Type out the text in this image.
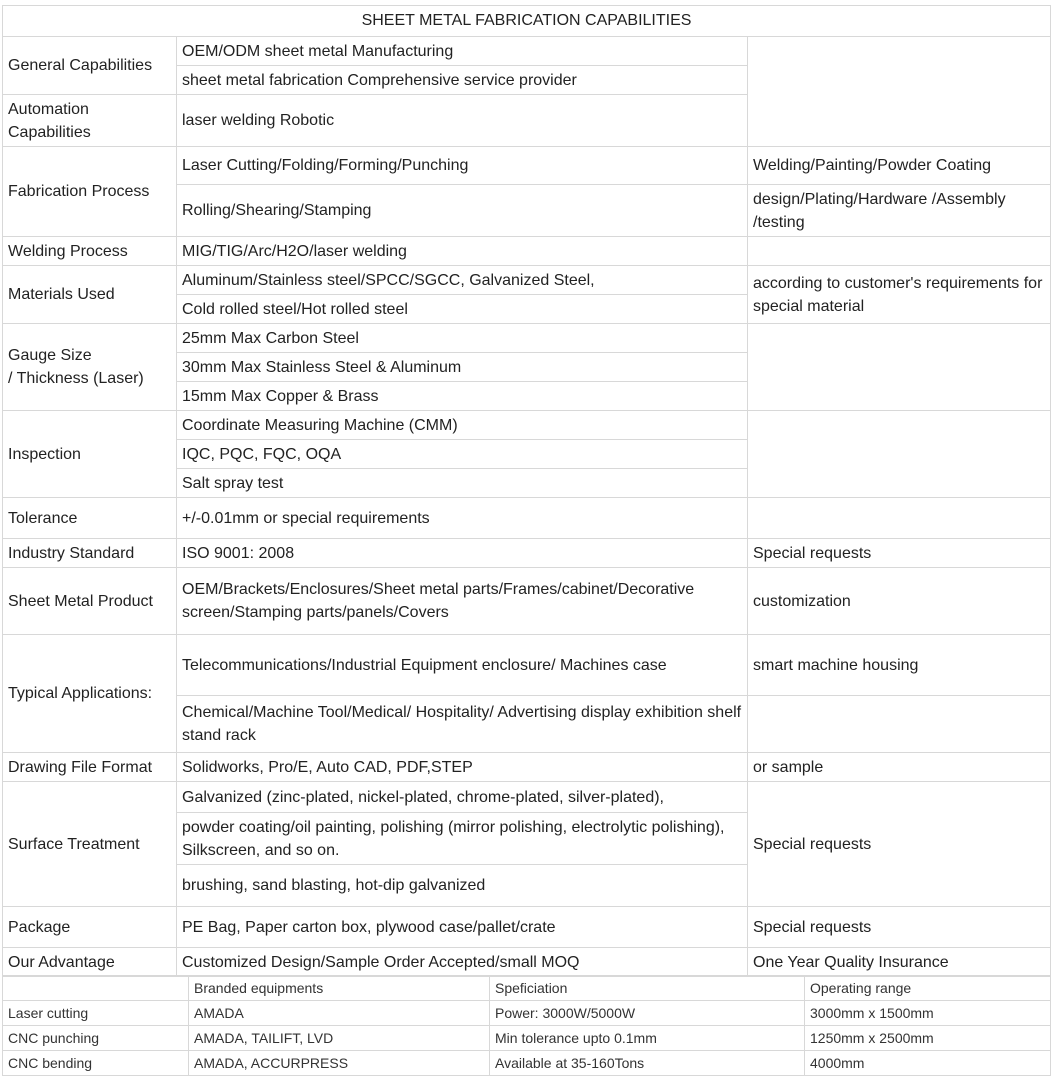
SHEET METAL FABRICATION CAPABILITIES		
General Capabilities	OEM/ODM sheet metal Manufacturing	
	sheet metal fabrication Comprehensive service provider	
Automation Capabilities	laser welding Robotic	
Fabrication Process	Laser Cutting/Folding/Forming/Punching	Welding/Painting/Powder Coating
	Rolling/Shearing/Stamping	design/Plating/Hardware /Assembly /testing
Welding Process	MIG/TIG/Arc/H2O/laser welding	
Materials Used	Aluminum/Stainless steel/SPCC/SGCC, Galvanized Steel,	according to customer's requirements for special material
	Cold rolled steel/Hot rolled steel	

Gauge Size
/ Thickness (Laser)	25mm Max Carbon Steel	
	30mm Max Stainless Steel & Aluminum	
	15mm Max Copper & Brass	
Inspection	Coordinate Measuring Machine (CMM)	
	IQC, PQC, FQC, OQA	
	Salt spray test	
Tolerance	+/-0.01mm or special requirements	
Industry Standard	ISO 9001: 2008	Special requests
Sheet Metal Product	OEM/Brackets/Enclosures/Sheet metal parts/Frames/cabinet/Decorative screen/Stamping parts/panels/Covers	customization
Typical Applications:	Telecommunications/Industrial Equipment enclosure/ Machines case	smart machine housing
	Chemical/Machine Tool/Medical/ Hospitality/ Advertising display exhibition shelf stand rack	
Drawing File Format	Solidworks, Pro/E, Auto CAD, PDF,STEP	or sample
Surface Treatment	Galvanized (zinc-plated, nickel-plated, chrome-plated, silver-plated),	Special requests
	powder coating/oil painting, polishing (mirror polishing, electrolytic polishing), Silkscreen, and so on.	
	brushing, sand blasting, hot-dip galvanized	
Package	PE Bag, Paper carton box, plywood case/pallet/crate	Special requests
Our Advantage	Customized Design/Sample Order Accepted/small MOQ	One Year Quality Insurance
	Branded equipments	Speficiation	Operating range
Laser cutting	AMADA	Power: 3000W/5000W	3000mm x 1500mm
CNC punching	AMADA, TAILIFT, LVD	Min tolerance upto 0.1mm	1250mm x 2500mm
CNC bending	AMADA, ACCURPRESS	Available at 35-160Tons	4000mm
